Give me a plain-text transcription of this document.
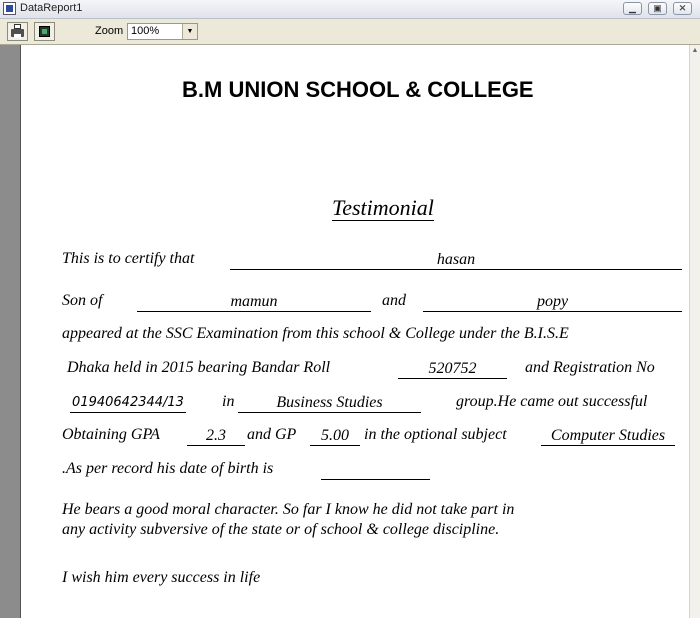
DataReport1	▁	▣	✕
Zoom 100%	▼
▲
B.M UNION SCHOOL & COLLEGE
Testimonial
This is to certify that	hasan
Son of	mamun	and	popy
appeared at the SSC Examination from this school & College under the B.I.S.E
Dhaka held in 2015 bearing Bandar Roll	520752	and Registration No
01940642344/13 in	Business Studies	group.He came out successful
Obtaining GPA	2.3	and GP	5.00 in the optional subject	Computer Studies
.As per record his date of birth is
He bears a good moral character. So far I know he did not take part in
any activity subversive of the state or of school & college discipline.
I wish him every success in life
